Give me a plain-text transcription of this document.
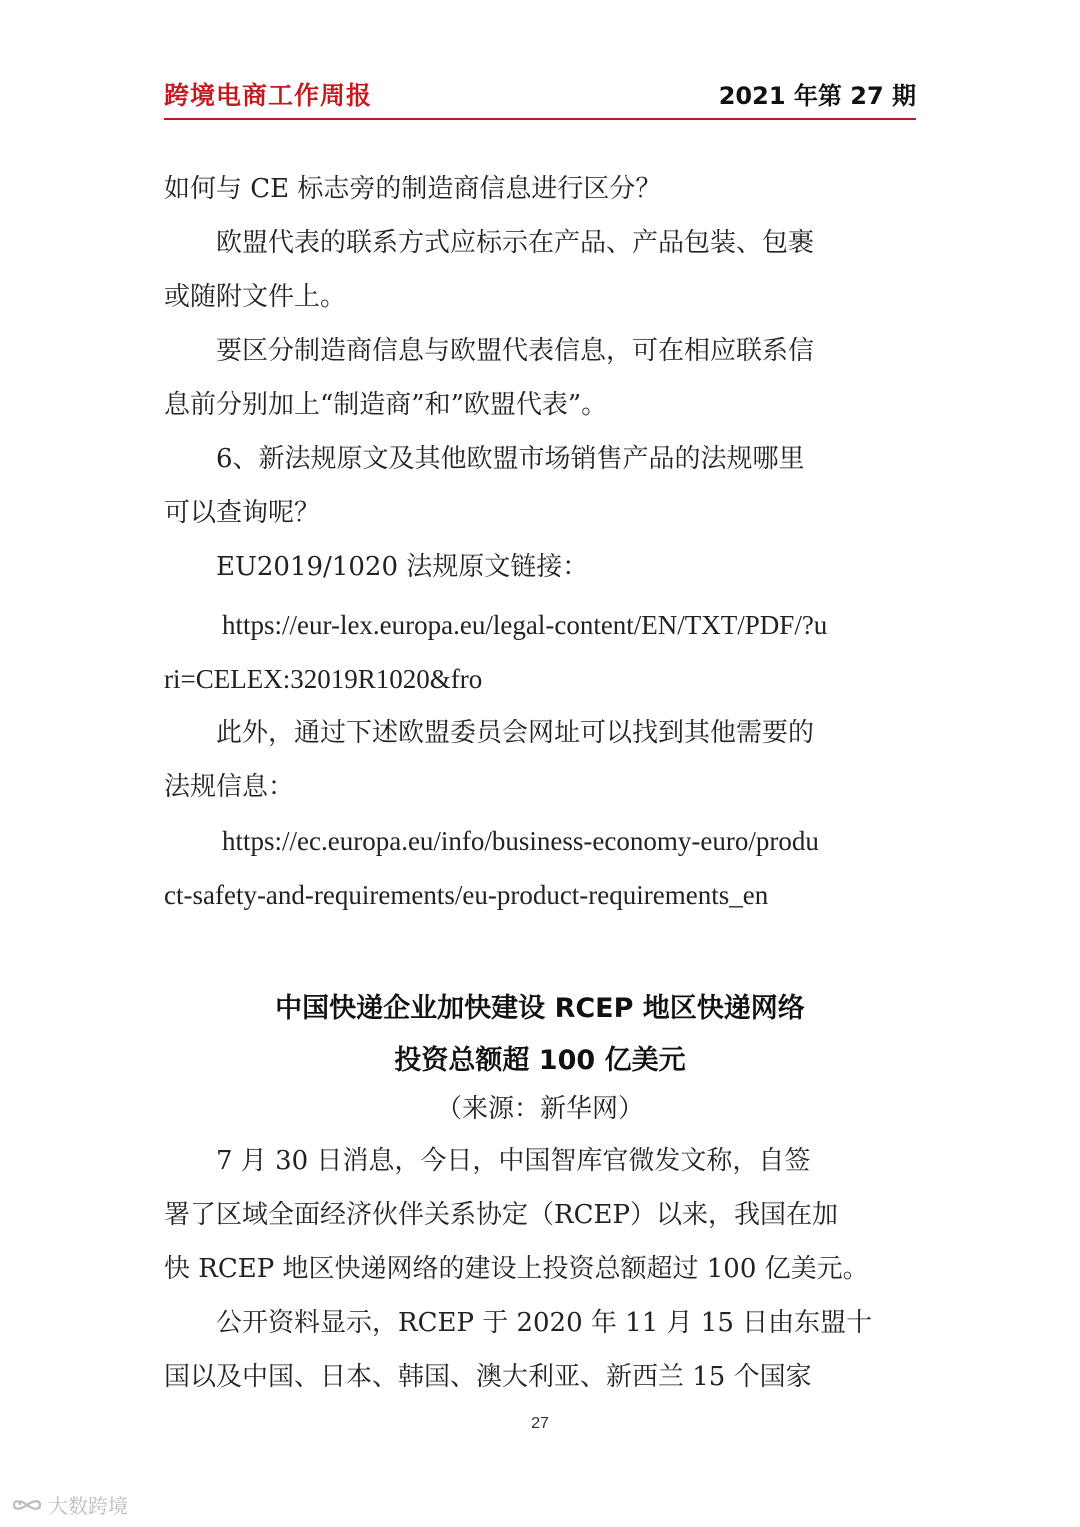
跨境电商工作周报	2021 年第 27 期
如何与 CE 标志旁的制造商信息进行区分？
欧盟代表的联系方式应标示在产品、产品包装、包裹
或随附文件上。
要区分制造商信息与欧盟代表信息，可在相应联系信
息前分别加上“制造商”和”欧盟代表”。
6、新法规原文及其他欧盟市场销售产品的法规哪里
可以查询呢？
EU2019/1020 法规原文链接：
https://eur-lex.europa.eu/legal-content/EN/TXT/PDF/?u
ri=CELEX:32019R1020&fro
此外，通过下述欧盟委员会网址可以找到其他需要的
法规信息：
https://ec.europa.eu/info/business-economy-euro/produ
ct-safety-and-requirements/eu-product-requirements_en
中国快递企业加快建设 RCEP 地区快递网络
投资总额超 100 亿美元
（来源：新华网）
7 月 30 日消息，今日，中国智库官微发文称，自签
署了区域全面经济伙伴关系协定（RCEP）以来，我国在加
快 RCEP 地区快递网络的建设上投资总额超过 100 亿美元。
公开资料显示，RCEP 于 2020 年 11 月 15 日由东盟十
国以及中国、日本、韩国、澳大利亚、新西兰 15 个国家
27
大数跨境
